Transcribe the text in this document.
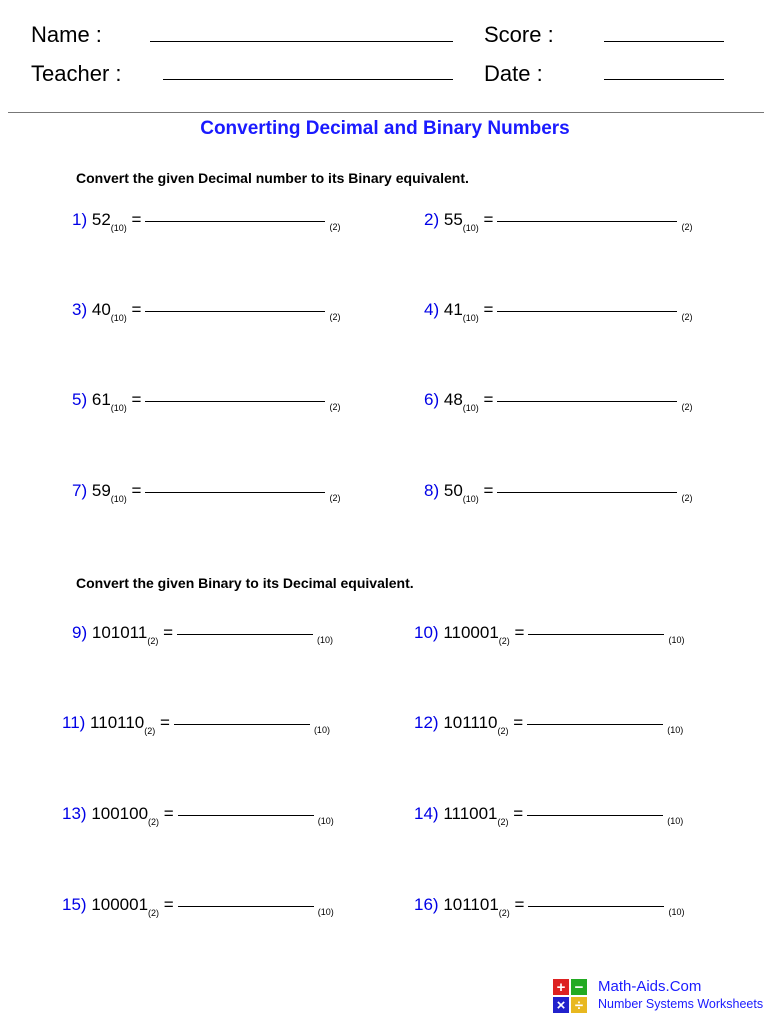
Name :
Teacher :
Score :
Date :
Converting Decimal and Binary Numbers
Convert the given Decimal number to its Binary equivalent.
1) $52_{(10)}$ =	$_{(2)}$	2) $55_{(10)}$ =	$_{(2)}$
3) $40_{(10)}$ =	$_{(2)}$	4) $41_{(10)}$ =	$_{(2)}$
5) $61_{(10)}$ =	$_{(2)}$	6) $48_{(10)}$ =	$_{(2)}$
7) $59_{(10)}$ =	$_{(2)}$	8) $50_{(10)}$ =	$_{(2)}$
Convert the given Binary to its Decimal equivalent.
9) $101011_{(2)}$ =	$_{(10)}$	10) $110001_{(2)}$ =	$_{(10)}$
11) $110110_{(2)}$ =	$_{(10)}$	12) $101110_{(2)}$ =	$_{(10)}$
13) $100100_{(2)}$ =	$_{(10)}$	14) $111001_{(2)}$ =	$_{(10)}$
15) $100001_{(2)}$ =	$_{(10)}$	16) $101101_{(2)}$ =	$_{(10)}$
+ −
× ÷
Math-Aids.Com
Number Systems Worksheets
